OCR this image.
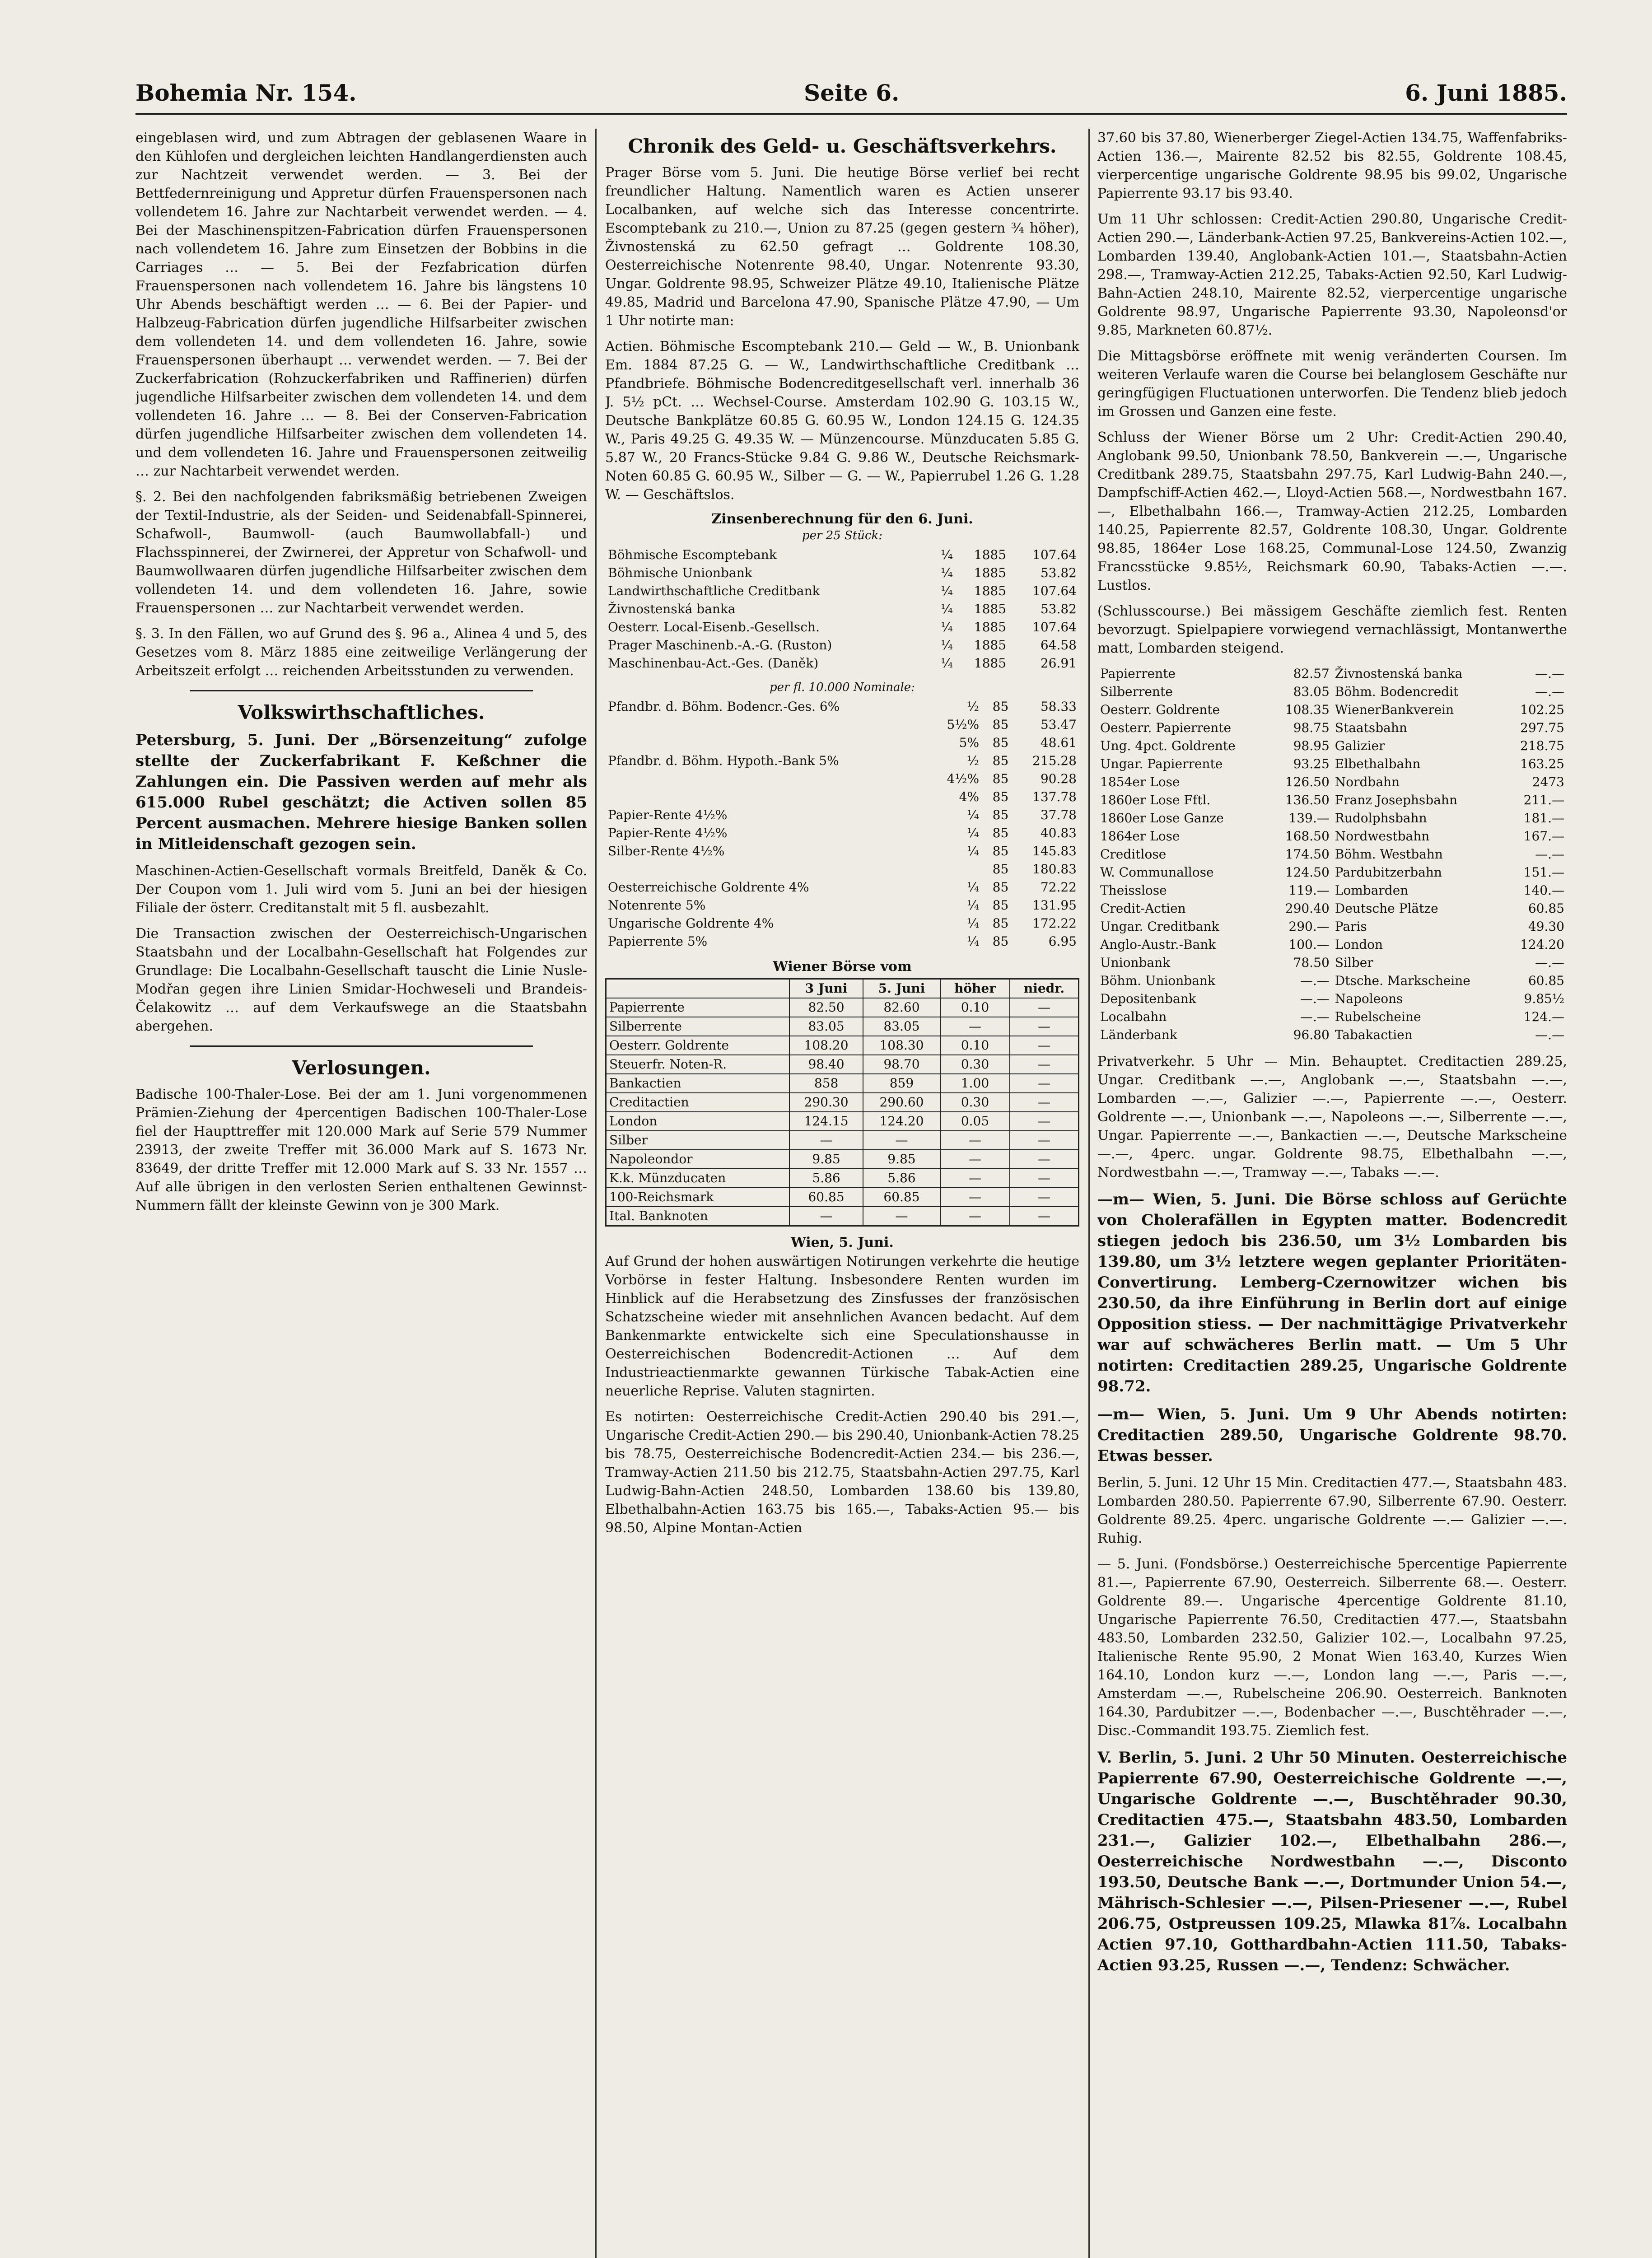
Bohemia Nr. 154.	Seite 6.	6. Juni 1885.

eingeblasen wird, und zum Abtragen der geblasenen Waare in den Kühlofen und dergleichen leichten Handlangerdiensten auch zur Nachtzeit verwendet werden. — 3. Bei der Bettfedernreinigung und Appretur dürfen Frauenspersonen nach vollendetem 16. Jahre zur Nachtarbeit verwendet werden. — 4. Bei der Maschinenspitzen-Fabrication dürfen Frauenspersonen nach vollendetem 16. Jahre zum Einsetzen der Bobbins in die Carriages … — 5. Bei der Fezfabrication dürfen Frauenspersonen nach vollendetem 16. Jahre bis längstens 10 Uhr Abends beschäftigt werden … — 6. Bei der Papier- und Halbzeug-Fabrication dürfen jugendliche Hilfsarbeiter zwischen dem vollendeten 14. und dem vollendeten 16. Jahre, sowie Frauenspersonen überhaupt … verwendet werden. — 7. Bei der Zuckerfabrication (Rohzuckerfabriken und Raffinerien) dürfen jugendliche Hilfsarbeiter zwischen dem vollendeten 14. und dem vollendeten 16. Jahre … — 8. Bei der Conserven-Fabrication dürfen jugendliche Hilfsarbeiter zwischen dem vollendeten 14. und dem vollendeten 16. Jahre und Frauenspersonen zeitweilig … zur Nachtarbeit verwendet werden.

§. 2. Bei den nachfolgenden fabriksmäßig betriebenen Zweigen der Textil-Industrie, als der Seiden- und Seidenabfall-Spinnerei, Schafwoll-, Baumwoll- (auch Baumwollabfall-) und Flachsspinnerei, der Zwirnerei, der Appretur von Schafwoll- und Baumwollwaaren dürfen jugendliche Hilfsarbeiter zwischen dem vollendeten 14. und dem vollendeten 16. Jahre, sowie Frauenspersonen … zur Nachtarbeit verwendet werden.

§. 3. In den Fällen, wo auf Grund des §. 96 a., Alinea 4 und 5, des Gesetzes vom 8. März 1885 eine zeitweilige Verlängerung der Arbeitszeit erfolgt … reichenden Arbeitsstunden zu verwenden.

Volkswirthschaftliches.

Petersburg, 5. Juni. Der „Börsenzeitung“ zufolge stellte der Zuckerfabrikant F. Keßchner die Zahlungen ein. Die Passiven werden auf mehr als 615.000 Rubel geschätzt; die Activen sollen 85 Percent ausmachen. Mehrere hiesige Banken sollen in Mitleidenschaft gezogen sein.

Maschinen-Actien-Gesellschaft vormals Breitfeld, Daněk & Co. Der Coupon vom 1. Juli wird vom 5. Juni an bei der hiesigen Filiale der österr. Creditanstalt mit 5 fl. ausbezahlt.

Die Transaction zwischen der Oesterreichisch-Ungarischen Staatsbahn und der Localbahn-Gesellschaft hat Folgendes zur Grundlage: Die Localbahn-Gesellschaft tauscht die Linie Nusle-Modřan gegen ihre Linien Smidar-Hochweseli und Brandeis-Čelakowitz … auf dem Verkaufswege an die Staatsbahn abergehen.

Verlosungen.

Badische 100-Thaler-Lose. Bei der am 1. Juni vorgenommenen Prämien-Ziehung der 4percentigen Badischen 100-Thaler-Lose fiel der Haupttreffer mit 120.000 Mark auf Serie 579 Nummer 23913, der zweite Treffer mit 36.000 Mark auf S. 1673 Nr. 83649, der dritte Treffer mit 12.000 Mark auf S. 33 Nr. 1557 … Auf alle übrigen in den verlosten Serien enthaltenen Gewinnst-Nummern fällt der kleinste Gewinn von je 300 Mark.

Chronik des Geld- u. Geschäftsverkehrs.

Prager Börse vom 5. Juni. Die heutige Börse verlief bei recht freundlicher Haltung. Namentlich waren es Actien unserer Localbanken, auf welche sich das Interesse concentrirte. Escomptebank zu 210.—, Union zu 87.25 (gegen gestern ¾ höher), Živnostenská zu 62.50 gefragt … Goldrente 108.30, Oesterreichische Notenrente 98.40, Ungar. Notenrente 93.30, Ungar. Goldrente 98.95, Schweizer Plätze 49.10, Italienische Plätze 49.85, Madrid und Barcelona 47.90, Spanische Plätze 47.90, — Um 1 Uhr notirte man:

Actien. Böhmische Escomptebank 210.— Geld — W., B. Unionbank Em. 1884 87.25 G. — W., Landwirthschaftliche Creditbank … Pfandbriefe. Böhmische Bodencreditgesellschaft verl. innerhalb 36 J. 5½ pCt. … Wechsel-Course. Amsterdam 102.90 G. 103.15 W., Deutsche Bankplätze 60.85 G. 60.95 W., London 124.15 G. 124.35 W., Paris 49.25 G. 49.35 W. — Münzencourse. Münzducaten 5.85 G. 5.87 W., 20 Francs-Stücke 9.84 G. 9.86 W., Deutsche Reichsmark-Noten 60.85 G. 60.95 W., Silber — G. — W., Papierrubel 1.26 G. 1.28 W. — Geschäftslos.

Zinsenberechnung für den 6. Juni.
per 25 Stück:
Böhmische Escomptebank	¼	1885	107.64
Böhmische Unionbank	¼	1885	53.82
Landwirthschaftliche Creditbank	¼	1885	107.64
Živnostenská banka	¼	1885	53.82
Oesterr. Local-Eisenb.-Gesellsch.	¼	1885	107.64
Prager Maschinenb.-A.-G. (Ruston)	¼	1885	64.58
Maschinenbau-Act.-Ges. (Daněk)	¼	1885	26.91
per fl. 10.000 Nominale:
Pfandbr. d. Böhm. Bodencr.-Ges. 6%	½	85	58.33
	5½%	85	53.47
	5%	85	48.61
Pfandbr. d. Böhm. Hypoth.-Bank 5%	½	85	215.28
	4½%	85	90.28
	4%	85	137.78
Papier-Rente 4½%	¼	85	37.78
Papier-Rente 4½%	¼	85	40.83
Silber-Rente 4½%	¼	85	145.83
		85	180.83
Oesterreichische Goldrente 4%	¼	85	72.22
Notenrente 5%	¼	85	131.95
Ungarische Goldrente 4%	¼	85	172.22
Papierrente 5%	¼	85	6.95
Wiener Börse vom
	3 Juni	5. Juni	höher	niedr.
Papierrente	82.50	82.60	0.10	—
Silberrente	83.05	83.05	—	—
Oesterr. Goldrente	108.20	108.30	0.10	—
Steuerfr. Noten-R.	98.40	98.70	0.30	—
Bankactien	858	859	1.00	—
Creditactien	290.30	290.60	0.30	—
London	124.15	124.20	0.05	—
Silber	—	—	—	—
Napoleondor	9.85	9.85	—	—
K.k. Münzducaten	5.86	5.86	—	—
100-Reichsmark	60.85	60.85	—	—
Ital. Banknoten	—	—	—	—
Wien, 5. Juni.

Auf Grund der hohen auswärtigen Notirungen verkehrte die heutige Vorbörse in fester Haltung. Insbesondere Renten wurden im Hinblick auf die Herabsetzung des Zinsfusses der französischen Schatzscheine wieder mit ansehnlichen Avancen bedacht. Auf dem Bankenmarkte entwickelte sich eine Speculationshausse in Oesterreichischen Bodencredit-Actionen … Auf dem Industrieactienmarkte gewannen Türkische Tabak-Actien eine neuerliche Reprise. Valuten stagnirten.

Es notirten: Oesterreichische Credit-Actien 290.40 bis 291.—, Ungarische Credit-Actien 290.— bis 290.40, Unionbank-Actien 78.25 bis 78.75, Oesterreichische Bodencredit-Actien 234.— bis 236.—, Tramway-Actien 211.50 bis 212.75, Staatsbahn-Actien 297.75, Karl Ludwig-Bahn-Actien 248.50, Lombarden 138.60 bis 139.80, Elbethalbahn-Actien 163.75 bis 165.—, Tabaks-Actien 95.— bis 98.50, Alpine Montan-Actien

37.60 bis 37.80, Wienerberger Ziegel-Actien 134.75, Waffenfabriks-Actien 136.—, Mairente 82.52 bis 82.55, Goldrente 108.45, vierpercentige ungarische Goldrente 98.95 bis 99.02, Ungarische Papierrente 93.17 bis 93.40.

Um 11 Uhr schlossen: Credit-Actien 290.80, Ungarische Credit-Actien 290.—, Länderbank-Actien 97.25, Bankvereins-Actien 102.—, Lombarden 139.40, Anglobank-Actien 101.—, Staatsbahn-Actien 298.—, Tramway-Actien 212.25, Tabaks-Actien 92.50, Karl Ludwig-Bahn-Actien 248.10, Mairente 82.52, vierpercentige ungarische Goldrente 98.97, Ungarische Papierrente 93.30, Napoleonsd'or 9.85, Markneten 60.87½.

Die Mittagsbörse eröffnete mit wenig veränderten Coursen. Im weiteren Verlaufe waren die Course bei belanglosem Geschäfte nur geringfügigen Fluctuationen unterworfen. Die Tendenz blieb jedoch im Grossen und Ganzen eine feste.

Schluss der Wiener Börse um 2 Uhr: Credit-Actien 290.40, Anglobank 99.50, Unionbank 78.50, Bankverein —.—, Ungarische Creditbank 289.75, Staatsbahn 297.75, Karl Ludwig-Bahn 240.—, Dampfschiff-Actien 462.—, Lloyd-Actien 568.—, Nordwestbahn 167.—, Elbethalbahn 166.—, Tramway-Actien 212.25, Lombarden 140.25, Papierrente 82.57, Goldrente 108.30, Ungar. Goldrente 98.85, 1864er Lose 168.25, Communal-Lose 124.50, Zwanzig Francsstücke 9.85½, Reichsmark 60.90, Tabaks-Actien —.—. Lustlos.

(Schlusscourse.) Bei mässigem Geschäfte ziemlich fest. Renten bevorzugt. Spielpapiere vorwiegend vernachlässigt, Montanwerthe matt, Lombarden steigend.

Papierrente	82.57	Živnostenská banka	—.—
Silberrente	83.05	Böhm. Bodencredit	—.—
Oesterr. Goldrente	108.35	WienerBankverein	102.25
Oesterr. Papierrente	98.75	Staatsbahn	297.75
Ung. 4pct. Goldrente	98.95	Galizier	218.75
Ungar. Papierrente	93.25	Elbethalbahn	163.25
1854er Lose	126.50	Nordbahn	2473
1860er Lose Fftl.	136.50	Franz Josephsbahn	211.—
1860er Lose Ganze	139.—	Rudolphsbahn	181.—
1864er Lose	168.50	Nordwestbahn	167.—
Creditlose	174.50	Böhm. Westbahn	—.—
W. Communallose	124.50	Pardubitzerbahn	151.—
Theisslose	119.—	Lombarden	140.—
Credit-Actien	290.40	Deutsche Plätze	60.85
Ungar. Creditbank	290.—	Paris	49.30
Anglo-Austr.-Bank	100.—	London	124.20
Unionbank	78.50	Silber	—.—
Böhm. Unionbank	—.—	Dtsche. Markscheine	60.85
Depositenbank	—.—	Napoleons	9.85½
Localbahn	—.—	Rubelscheine	124.—
Länderbank	96.80	Tabakactien	—.—

Privatverkehr. 5 Uhr — Min. Behauptet. Creditactien 289.25, Ungar. Creditbank —.—, Anglobank —.—, Staatsbahn —.—, Lombarden —.—, Galizier —.—, Papierrente —.—, Oesterr. Goldrente —.—, Unionbank —.—, Napoleons —.—, Silberrente —.—, Ungar. Papierrente —.—, Bankactien —.—, Deutsche Markscheine —.—, 4perc. ungar. Goldrente 98.75, Elbethalbahn —.—, Nordwestbahn —.—, Tramway —.—, Tabaks —.—.

—m— Wien, 5. Juni. Die Börse schloss auf Gerüchte von Cholerafällen in Egypten matter. Bodencredit stiegen jedoch bis 236.50, um 3½ Lombarden bis 139.80, um 3½ letztere wegen geplanter Prioritäten-Convertirung. Lemberg-Czernowitzer wichen bis 230.50, da ihre Einführung in Berlin dort auf einige Opposition stiess. — Der nachmittägige Privatverkehr war auf schwächeres Berlin matt. — Um 5 Uhr notirten: Creditactien 289.25, Ungarische Goldrente 98.72.

—m— Wien, 5. Juni. Um 9 Uhr Abends notirten: Creditactien 289.50, Ungarische Goldrente 98.70. Etwas besser.

Berlin, 5. Juni. 12 Uhr 15 Min. Creditactien 477.—, Staatsbahn 483. Lombarden 280.50. Papierrente 67.90, Silberrente 67.90. Oesterr. Goldrente 89.25. 4perc. ungarische Goldrente —.— Galizier —.—. Ruhig.

— 5. Juni. (Fondsbörse.) Oesterreichische 5percentige Papierrente 81.—, Papierrente 67.90, Oesterreich. Silberrente 68.—. Oesterr. Goldrente 89.—. Ungarische 4percentige Goldrente 81.10, Ungarische Papierrente 76.50, Creditactien 477.—, Staatsbahn 483.50, Lombarden 232.50, Galizier 102.—, Localbahn 97.25, Italienische Rente 95.90, 2 Monat Wien 163.40, Kurzes Wien 164.10, London kurz —.—, London lang —.—, Paris —.—, Amsterdam —.—, Rubelscheine 206.90. Oesterreich. Banknoten 164.30, Pardubitzer —.—, Bodenbacher —.—, Buschtěhrader —.—, Disc.-Commandit 193.75. Ziemlich fest.

V. Berlin, 5. Juni. 2 Uhr 50 Minuten. Oesterreichische Papierrente 67.90, Oesterreichische Goldrente —.—, Ungarische Goldrente —.—, Buschtěhrader 90.30, Creditactien 475.—, Staatsbahn 483.50, Lombarden 231.—, Galizier 102.—, Elbethalbahn 286.—, Oesterreichische Nordwestbahn —.—, Disconto 193.50, Deutsche Bank —.—, Dortmunder Union 54.—, Mährisch-Schlesier —.—, Pilsen-Priesener —.—, Rubel 206.75, Ostpreussen 109.25, Mlawka 81⅞. Localbahn Actien 97.10, Gotthardbahn-Actien 111.50, Tabaks-Actien 93.25, Russen —.—, Tendenz: Schwächer.
